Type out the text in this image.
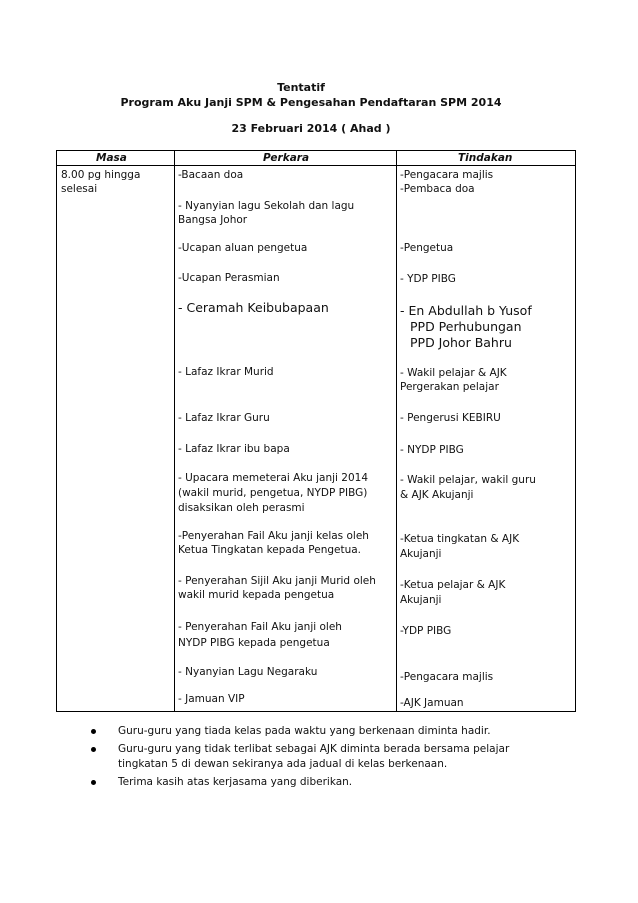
Tentatif
Program Aku Janji SPM & Pengesahan Pendaftaran SPM 2014
23 Februari 2014 ( Ahad )
Masa	Perkara	Tindakan
8.00 pg hingga
selesai
-Bacaan doa
- Nyanyian lagu Sekolah dan lagu
Bangsa Johor
-Ucapan aluan pengetua
-Ucapan Perasmian
- Ceramah Keibubapaan
- Lafaz Ikrar Murid
- Lafaz Ikrar Guru
- Lafaz Ikrar ibu bapa
- Upacara memeterai Aku janji 2014
(wakil murid, pengetua, NYDP PIBG)
disaksikan oleh perasmi
-Penyerahan Fail Aku janji kelas oleh
Ketua Tingkatan kepada Pengetua.
- Penyerahan Sijil Aku janji Murid oleh
wakil murid kepada pengetua
- Penyerahan Fail Aku janji oleh
NYDP PIBG kepada pengetua
- Nyanyian Lagu Negaraku
- Jamuan VIP
-Pengacara majlis
-Pembaca doa
-Pengetua
- YDP PIBG
- En Abdullah b Yusof
PPD Perhubungan
PPD Johor Bahru
- Wakil pelajar & AJK
Pergerakan pelajar
- Pengerusi KEBIRU
- NYDP PIBG
- Wakil pelajar, wakil guru
& AJK Akujanji
-Ketua tingkatan & AJK
Akujanji
-Ketua pelajar & AJK
Akujanji
-YDP PIBG
-Pengacara majlis
-AJK Jamuan
Guru-guru yang tiada kelas pada waktu yang berkenaan diminta hadir.
Guru-guru yang tidak terlibat sebagai AJK diminta berada bersama pelajar
tingkatan 5 di dewan sekiranya ada jadual di kelas berkenaan.
Terima kasih atas kerjasama yang diberikan.
